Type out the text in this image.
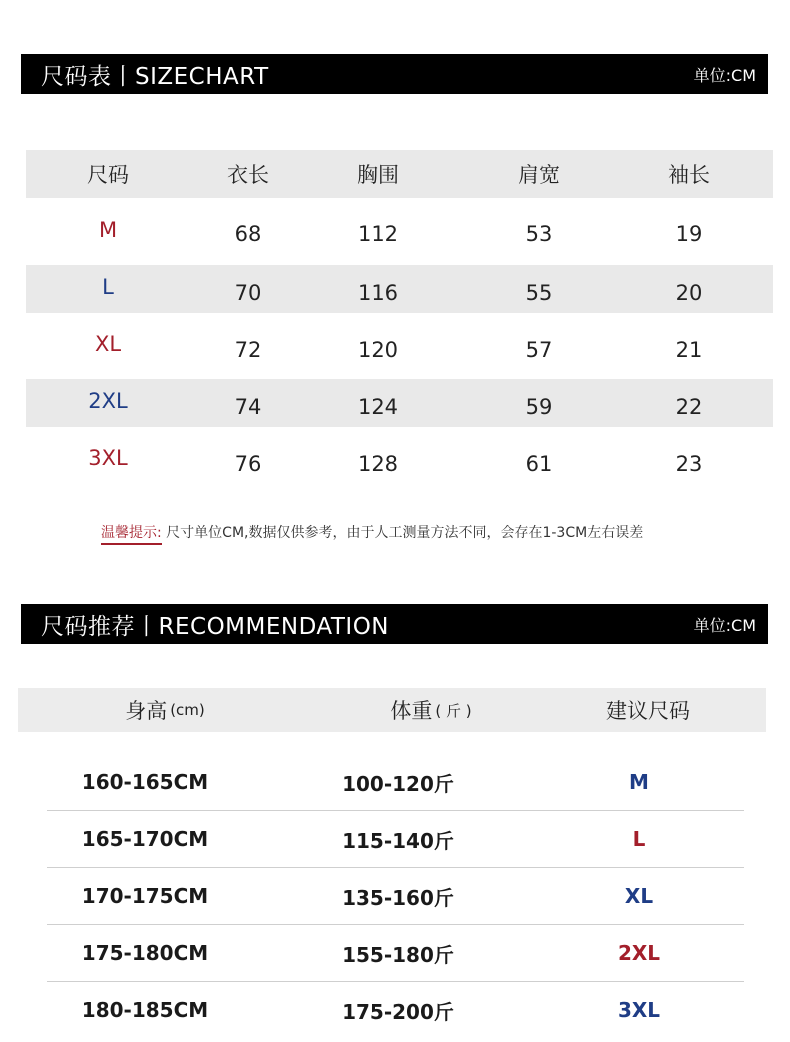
尺码表丨SIZECHART	单位:CM
尺码	衣长	胸围	肩宽	袖长
M	68	112	53	19
L	70	116	55	20
XL	72	120	57	21
2XL	74	124	59	22
3XL	76	128	61	23
温馨提示: 尺寸单位CM,数据仅供参考，由于人工测量方法不同，会存在1-3CM左右误差
尺码推荐丨RECOMMENDATION	单位:CM
身高 (cm)	体重 ( 斤 )	建议尺码
160-165CM	100-120斤	M
165-170CM	115-140斤	L
170-175CM	135-160斤	XL
175-180CM	155-180斤	2XL
180-185CM	175-200斤	3XL
